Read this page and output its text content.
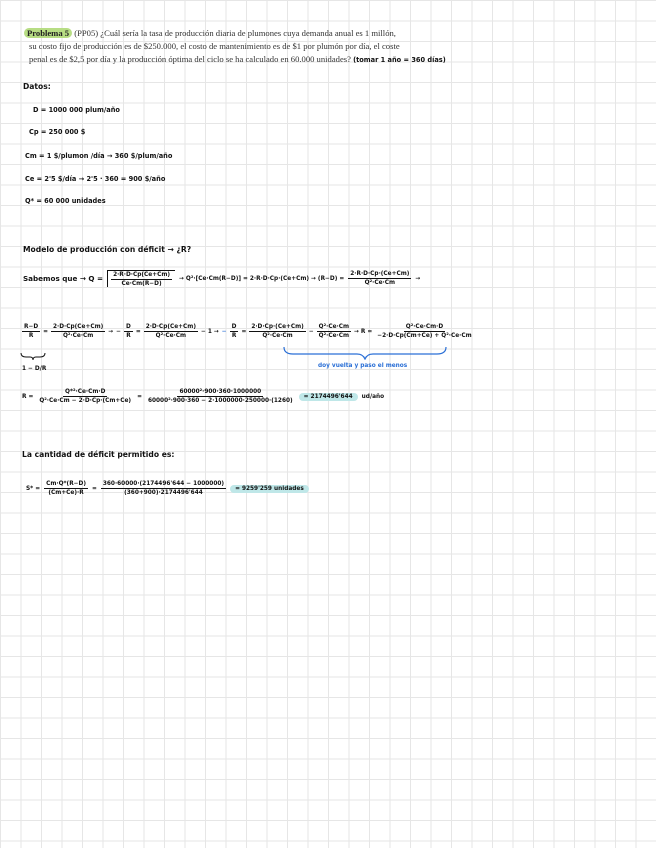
Problema 5 (PP05) ¿Cuál sería la tasa de producción diaria de plumones cuya demanda anual es 1 millón,
su costo fijo de producción es de $250.000, el costo de mantenimiento es de $1 por plumón por día, el coste
penal es de $2,5 por día y la producción óptima del ciclo se ha calculado en 60.000 unidades? (tomar 1 año = 360 días)
Datos:
D = 1000 000 plum/año
Cp = 250 000 $
Cm = 1 $/plumon /día → 360 $/plum/año
Ce = 2'5 $/día → 2'5 · 360 = 900 $/año
Q* = 60 000 unidades
Modelo de producción con déficit → ¿R?
Sabemos que → $Q = \frac{2\cdot R\cdot D\cdot Cp(Ce+Cm)}{Ce\cdot Cm(R-D)} \to Q^2\cdot[Ce\cdot Cm(R-D)] = 2\cdot R\cdot D\cdot Cp\cdot(Ce+Cm) \to (R-D) = \frac{2\cdot R\cdot D\cdot Cp\cdot(Ce+Cm)}{\text{Q²·Ce·Cm}}$ →
$\frac{R-D}{R} = \frac{2\cdot D\cdot Cp(Ce+Cm)}{\text{Q²·Ce·Cm}}$ → − $\frac{D}{R} = \frac{2\cdot D\cdot Cp(Ce+Cm)}{\text{Q²·Ce·Cm}} - 1$ → − $\frac{D}{R} = \frac{2\cdot D\cdot Cp\cdot(Ce+Cm)}{\text{Q²·Ce·Cm}} - \frac{\text{Q²·Ce·Cm}}{\text{Q²·Ce·Cm}} \to R = \frac{\text{Q²·Ce·Cm·D}}{\text{−2·D·Cp(Cm+Ce) + Q²·Ce·Cm}}$
1 − D/R	doy vuelta y paso el menos
$R = \frac{\text{Q*²·Ce·Cm·D}}{\text{Q²·Ce·Cm − 2·D·Cp·(Cm+Ce)}} = \frac{\text{60000²·900·360·1000000}}{\text{60000²·900·360 − 2·1000000·250000·(1260)}}$	= 2174496'644	ud/año
La cantidad de déficit permitido es:
$S* = \frac{Cm\cdot Q*(R-D)}{(Cm+Ce)\cdot R} = \frac{360\cdot 60000\cdot(2174496'644 - 1000000)}{(360+900)\cdot 2174496'644}$	= 9259'259 unidades
